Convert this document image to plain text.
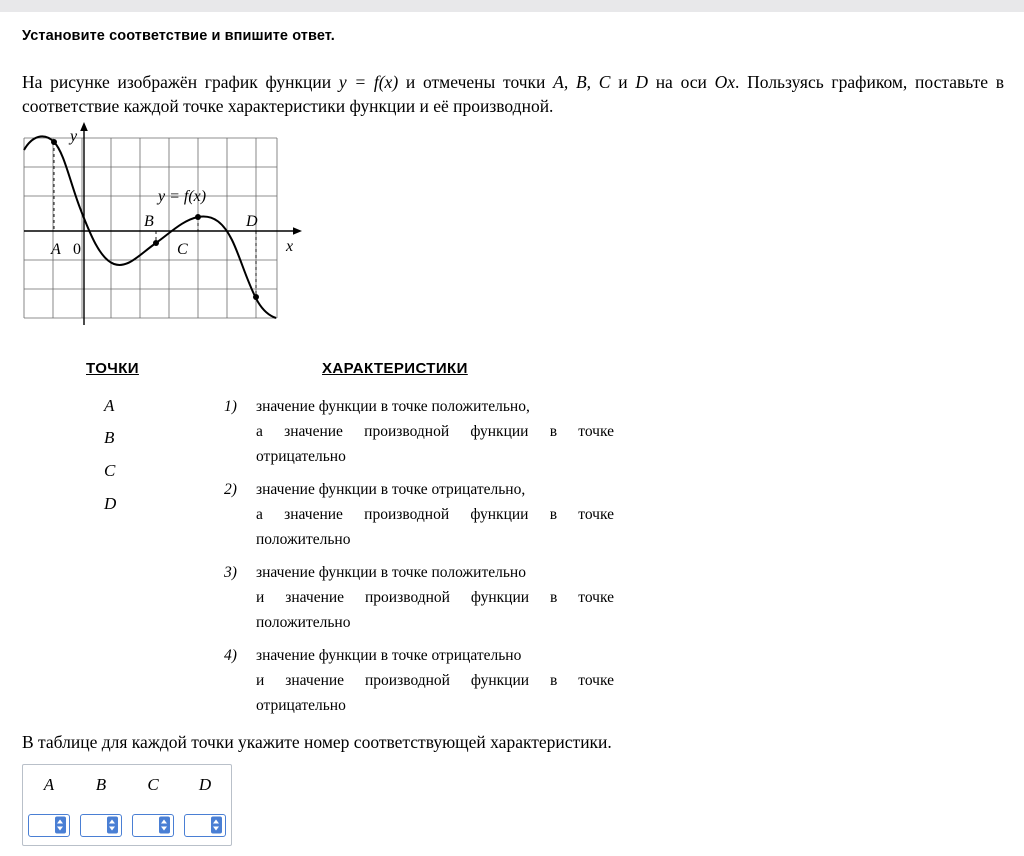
Установите соответствие и впишите ответ.
На рисунке изображён график функции y = f(x) и отмечены точки A, B, C и D на оси Ox. Пользуясь графиком, поставьте в соответствие каждой точке характеристики функции и её производной.
y
x
y = f(x)
A 0
B
C
D
ТОЧКИ	ХАРАКТЕРИСТИКИ
A
B
C
D
1) значение функции в точке положительно,
а значение производной функции в точке
отрицательно
2) значение функции в точке отрицательно,
а значение производной функции в точке
положительно
3) значение функции в точке положительно
и значение производной функции в точке
положительно
4) значение функции в точке отрицательно
и значение производной функции в точке
отрицательно
В таблице для каждой точки укажите номер соответствующей характеристики.
A	B	C	D
